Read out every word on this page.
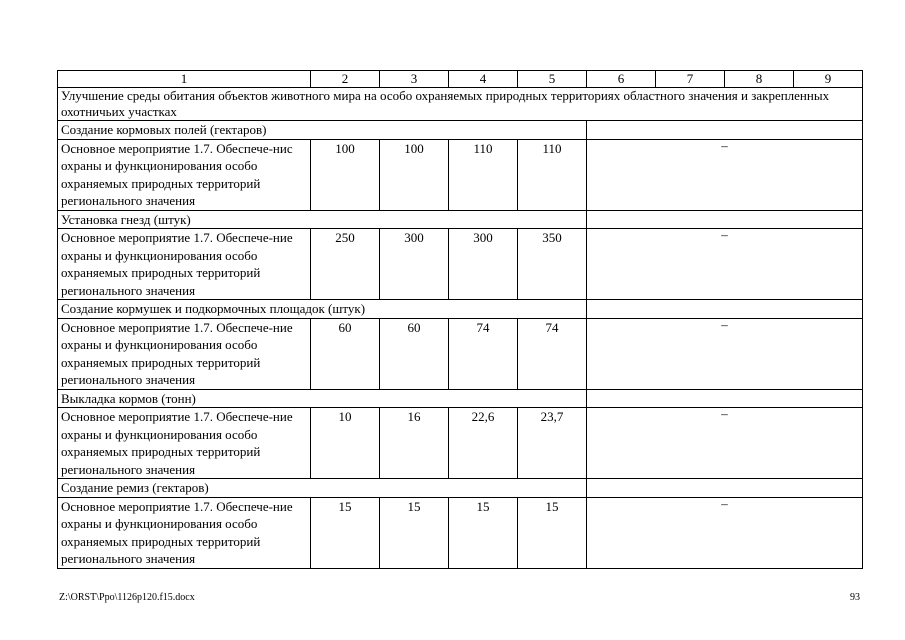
1	2	3	4	5	6	7	8	9
Улучшение среды обитания объектов животного мира на особо охраняемых природных территориях областного значения и закрепленных охотничьих участках								
Создание кормовых полей (гектаров)								
Основное мероприятие 1.7. Обеспече-нис охраны и функционирования особо охраняемых природных территорий регионального значения	100	100	110	110	–			
Установка гнезд (штук)								
Основное мероприятие 1.7. Обеспече-ние охраны и функционирования особо охраняемых природных территорий регионального значения	250	300	300	350	–			
Создание кормушек и подкормочных площадок (штук)								
Основное мероприятие 1.7. Обеспече-ние охраны и функционирования особо охраняемых природных территорий регионального значения	60	60	74	74	–			
Выкладка кормов (тонн)								
Основное мероприятие 1.7. Обеспече-ние охраны и функционирования особо охраняемых природных территорий регионального значения	10	16	22,6	23,7	–			
Создание ремиз (гектаров)								
Основное мероприятие 1.7. Обеспече-ние охраны и функционирования особо охраняемых природных территорий регионального значения	15	15	15	15	–			
Z:\ORST\Ppo\1126p120.f15.docx	93
